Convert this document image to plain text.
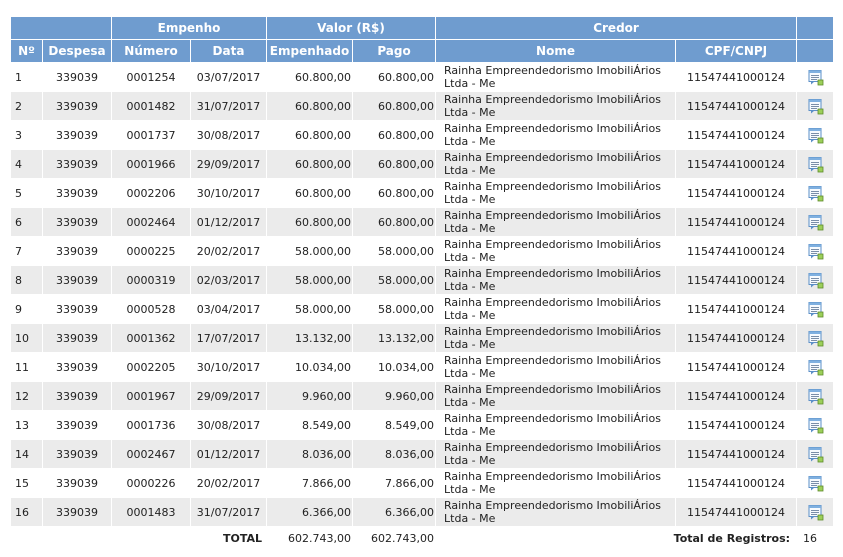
		Empenho		Valor (R$)		Credor		
Nº	Despesa	Número	Data	Empenhado	Pago	Nome	CPF/CNPJ	
1	339039	0001254	03/07/2017	60.800,00	60.800,00	Rainha Empreendedorismo ImobiliÁrios Ltda - Me	11547441000124	
2	339039	0001482	31/07/2017	60.800,00	60.800,00	Rainha Empreendedorismo ImobiliÁrios Ltda - Me	11547441000124	
3	339039	0001737	30/08/2017	60.800,00	60.800,00	Rainha Empreendedorismo ImobiliÁrios Ltda - Me	11547441000124	
4	339039	0001966	29/09/2017	60.800,00	60.800,00	Rainha Empreendedorismo ImobiliÁrios Ltda - Me	11547441000124	
5	339039	0002206	30/10/2017	60.800,00	60.800,00	Rainha Empreendedorismo ImobiliÁrios Ltda - Me	11547441000124	
6	339039	0002464	01/12/2017	60.800,00	60.800,00	Rainha Empreendedorismo ImobiliÁrios Ltda - Me	11547441000124	
7	339039	0000225	20/02/2017	58.000,00	58.000,00	Rainha Empreendedorismo ImobiliÁrios Ltda - Me	11547441000124	
8	339039	0000319	02/03/2017	58.000,00	58.000,00	Rainha Empreendedorismo ImobiliÁrios Ltda - Me	11547441000124	
9	339039	0000528	03/04/2017	58.000,00	58.000,00	Rainha Empreendedorismo ImobiliÁrios Ltda - Me	11547441000124	
10	339039	0001362	17/07/2017	13.132,00	13.132,00	Rainha Empreendedorismo ImobiliÁrios Ltda - Me	11547441000124	
11	339039	0002205	30/10/2017	10.034,00	10.034,00	Rainha Empreendedorismo ImobiliÁrios Ltda - Me	11547441000124	
12	339039	0001967	29/09/2017	9.960,00	9.960,00	Rainha Empreendedorismo ImobiliÁrios Ltda - Me	11547441000124	
13	339039	0001736	30/08/2017	8.549,00	8.549,00	Rainha Empreendedorismo ImobiliÁrios Ltda - Me	11547441000124	
14	339039	0002467	01/12/2017	8.036,00	8.036,00	Rainha Empreendedorismo ImobiliÁrios Ltda - Me	11547441000124	
15	339039	0000226	20/02/2017	7.866,00	7.866,00	Rainha Empreendedorismo ImobiliÁrios Ltda - Me	11547441000124	
16	339039	0001483	31/07/2017	6.366,00	6.366,00	Rainha Empreendedorismo ImobiliÁrios Ltda - Me	11547441000124	
TOTAL				602.743,00	602.743,00	Total de Registros:		16
